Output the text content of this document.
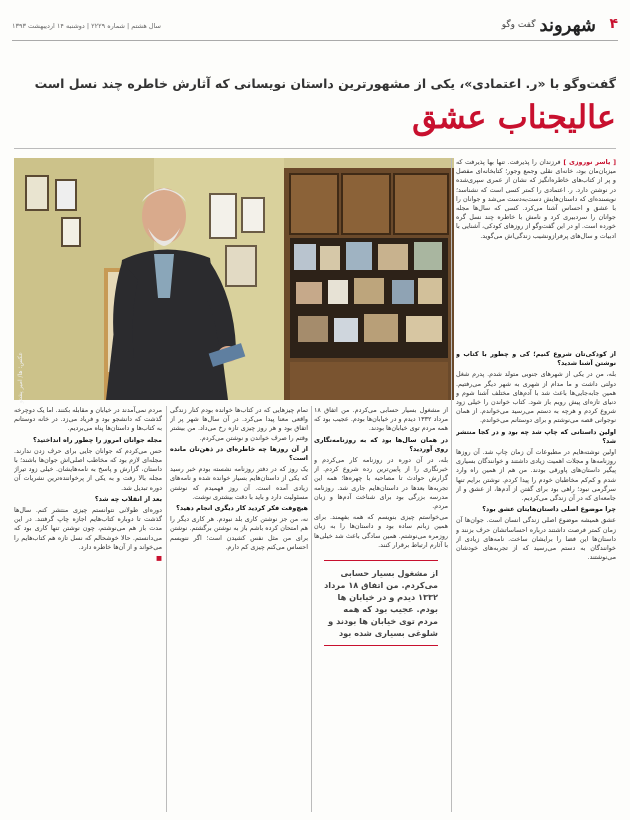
۴
شهروند
گفت وگو
سال هشتم | شماره ۲۲۲۹ | دوشنبه ۱۴ اردیبهشت ۱۳۹۳
گفت‌وگو با «ر. اعتمادی»، یکی از مشهورترین داستان نویسانی که آثارش خاطره چند نسل است
عالیجناب عشق
عکس: ها/ امیر پشتو

[ یاسر نوروزی ] فرزندان را پذیرفت. تنها بها پذیرفت که میزبان‌مان بود، خانه‌ای نقلی وجمع وجور؛ کتابخانه‌ای مفصل و پر از کتاب‌های خاطره‌انگیز که نشان از عمری سپری‌شده در نوشتن دارد. ر. اعتمادی را کمتر کسی است که نشناسد؛ نویسنده‌ای که داستان‌هایش دست‌به‌دست می‌شد و جوانان را با عشق و احساس آشنا می‌کرد. کسی که سال‌ها مجله جوانان را سردبیری کرد و نامش با خاطره چند نسل گره خورده است. او در این گفت‌وگو از روزهای کودکی، آشنایی با ادبیات و سال‌های پرفرازونشیب زندگی‌اش می‌گوید.

از کودکی‌تان شروع کنیم؛ کی و چطور با کتاب و نوشتن آشنا شدید؟

بله، من در یکی از شهرهای جنوبی متولد شدم. پدرم شغل دولتی داشت و ما مدام از شهری به شهر دیگر می‌رفتیم. همین جابه‌جایی‌ها باعث شد با آدم‌های مختلف آشنا شوم و دنیای تازه‌ای پیش رویم باز شود. کتاب خواندن را خیلی زود شروع کردم و هرچه به دستم می‌رسید می‌خواندم. از همان نوجوانی قصه می‌نوشتم و برای دوستانم می‌خواندم.

اولین داستانی که چاپ شد چه بود و در کجا منتشر شد؟

اولین نوشته‌هایم در مطبوعات آن زمان چاپ شد. آن روزها روزنامه‌ها و مجلات اهمیت زیادی داشتند و خوانندگان بسیاری پیگیر داستان‌های پاورقی بودند. من هم از همین راه وارد شدم و کم‌کم مخاطبان خودم را پیدا کردم. نوشتن برایم تنها سرگرمی نبود؛ راهی بود برای گفتن از آدم‌ها، از عشق و از جامعه‌ای که در آن زندگی می‌کردیم.

چرا موضوع اصلی داستان‌هایتان عشق بود؟

عشق همیشه موضوع اصلی زندگی انسان است. جوان‌ها آن زمان کمتر فرصت داشتند درباره احساساتشان حرف بزنند و داستان‌ها این فضا را برایشان ساخت. نامه‌های زیادی از خوانندگان به دستم می‌رسید که از تجربه‌های خودشان می‌نوشتند.

از مشغول بسیار حسابی می‌کردم. من اتفاق ۱۸ مرداد ۱۳۳۲ دیدم و در خیابان‌ها بودم. عجیب بود که همه مردم توی خیابان‌ها بودند.

در همان سال‌ها بود که به روزنامه‌نگاری روی آوردید؟

بله، در آن دوره در روزنامه کار می‌کردم و خبرنگاری را از پایین‌ترین رده شروع کردم. از گزارش حوادث تا مصاحبه با چهره‌ها؛ همه این تجربه‌ها بعدها در داستان‌هایم جاری شد. روزنامه مدرسه بزرگی بود برای شناخت آدم‌ها و زبان مردم.

می‌خواستم چیزی بنویسم که همه بفهمند. برای همین زبانم ساده بود و داستان‌ها را به زبان روزمره می‌نوشتم. همین سادگی باعث شد خیلی‌ها با آثارم ارتباط برقرار کنند.

از مشغول بسیار حسابی می‌کردم. من اتفاق ۱۸ مرداد ۱۳۳۲ دیدم و در خیابان ها بودم. عجیب بود که همه مردم توی خیابان ها بودند و شلوغی بسیاری شده بود

تمام چیزهایی که در کتاب‌ها خوانده بودم کنار زندگی واقعی معنا پیدا می‌کرد. در آن سال‌ها شهر پر از اتفاق بود و هر روز چیزی تازه رخ می‌داد. من بیشتر وقتم را صرف خواندن و نوشتن می‌کردم.

از آن روزها چه خاطره‌ای در ذهن‌تان مانده است؟

یک روز که در دفتر روزنامه نشسته بودم خبر رسید که یکی از داستان‌هایم بسیار خوانده شده و نامه‌های زیادی آمده است. آن روز فهمیدم که نوشتن مسئولیت دارد و باید با دقت بیشتری نوشت.

هیچ‌وقت فکر کردید کار دیگری انجام دهید؟

نه، من جز نوشتن کاری بلد نبودم. هر کاری دیگر را هم امتحان کرده باشم باز به نوشتن برگشتم. نوشتن برای من مثل نفس کشیدن است؛ اگر ننویسم احساس می‌کنم چیزی کم دارم.

مردم نمی‌آمدند در خیابان و مقابله بکنند. اما یک دوچرخه گذشت که دانشجو بود و فریاد می‌زد. در خانه دوستانم به کتاب‌ها و داستان‌ها پناه می‌بردیم.

مجله جوانان امروز را چطور راه انداختید؟

حس می‌کردم که جوانان جایی برای حرف زدن ندارند. مجله‌ای لازم بود که مخاطب اصلی‌اش جوان‌ها باشند؛ با داستان، گزارش و پاسخ به نامه‌هایشان. خیلی زود تیراژ مجله بالا رفت و به یکی از پرخواننده‌ترین نشریات آن دوره تبدیل شد.

بعد از انقلاب چه شد؟

دوره‌ای طولانی نتوانستم چیزی منتشر کنم. سال‌ها گذشت تا دوباره کتاب‌هایم اجازه چاپ گرفتند. در این مدت باز هم می‌نوشتم، چون نوشتن تنها کاری بود که می‌دانستم. حالا خوشحالم که نسل تازه هم کتاب‌هایم را می‌خواند و از آن‌ها خاطره دارد.

■
